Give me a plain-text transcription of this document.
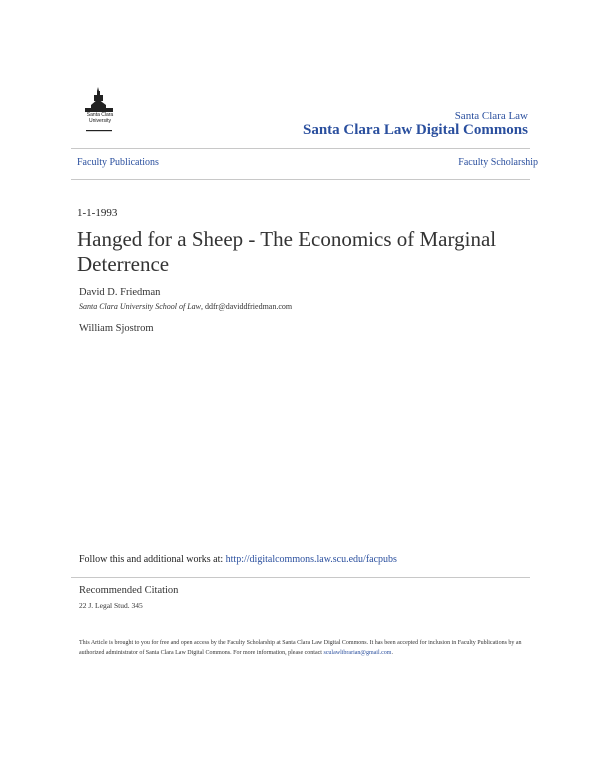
Santa Clara University	Santa Clara Law
Santa Clara Law Digital Commons
Faculty Publications	Faculty Scholarship
1-1-1993
Hanged for a Sheep - The Economics of Marginal Deterrence
David D. Friedman
Santa Clara University School of Law, ddfr@daviddfriedman.com
William Sjostrom
Follow this and additional works at: http://digitalcommons.law.scu.edu/facpubs
Recommended Citation
22 J. Legal Stud. 345
This Article is brought to you for free and open access by the Faculty Scholarship at Santa Clara Law Digital Commons. It has been accepted for inclusion in Faculty Publications by an authorized administrator of Santa Clara Law Digital Commons. For more information, please contact sculawlibrarian@gmail.com.
